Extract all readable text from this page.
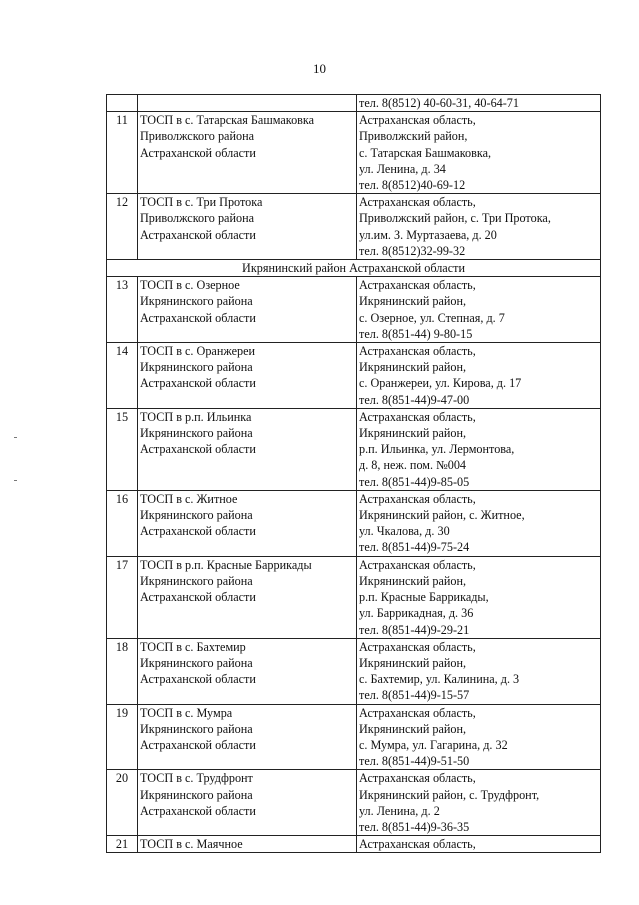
10

		тел. 8(8512) 40-60-31, 40-64-71

11	ТОСП в с. Татарская Башмаковка
Приволжского района
Астраханской области	Астраханская область,
Приволжский район,
с. Татарская Башмаковка,
ул. Ленина, д. 34
тел. 8(8512)40-69-12

12	ТОСП в с. Три Протока
Приволжского района
Астраханской области	Астраханская область,
Приволжский район, с. Три Протока,
ул.им. З. Муртазаева, д. 20
тел. 8(8512)32-99-32

Икрянинский район Астраханской области		
13	ТОСП в с. Озерное
Икрянинского района
Астраханской области	Астраханская область,
Икрянинский район,
с. Озерное, ул. Степная, д. 7
тел. 8(851-44) 9-80-15

14	ТОСП в с. Оранжереи
Икрянинского района
Астраханской области	Астраханская область,
Икрянинский район,
с. Оранжереи, ул. Кирова, д. 17
тел. 8(851-44)9-47-00

15	ТОСП в р.п. Ильинка
Икрянинского района
Астраханской области	Астраханская область,
Икрянинский район,
р.п. Ильинка, ул. Лермонтова,
д. 8, неж. пом. №004
тел. 8(851-44)9-85-05

16	ТОСП в с. Житное
Икрянинского района
Астраханской области	Астраханская область,
Икрянинский район, с. Житное,
ул. Чкалова, д. 30
тел. 8(851-44)9-75-24

17	ТОСП в р.п. Красные Баррикады
Икрянинского района
Астраханской области	Астраханская область,
Икрянинский район,
р.п. Красные Баррикады,
ул. Баррикадная, д. 36
тел. 8(851-44)9-29-21

18	ТОСП в с. Бахтемир
Икрянинского района
Астраханской области	Астраханская область,
Икрянинский район,
с. Бахтемир, ул. Калинина, д. 3
тел. 8(851-44)9-15-57

19	ТОСП в с. Мумра
Икрянинского района
Астраханской области	Астраханская область,
Икрянинский район,
с. Мумра, ул. Гагарина, д. 32
тел. 8(851-44)9-51-50

20	ТОСП в с. Трудфронт
Икрянинского района
Астраханской области	Астраханская область,
Икрянинский район, с. Трудфронт,
ул. Ленина, д. 2
тел. 8(851-44)9-36-35

21	ТОСП в с. Маячное	Астраханская область,
